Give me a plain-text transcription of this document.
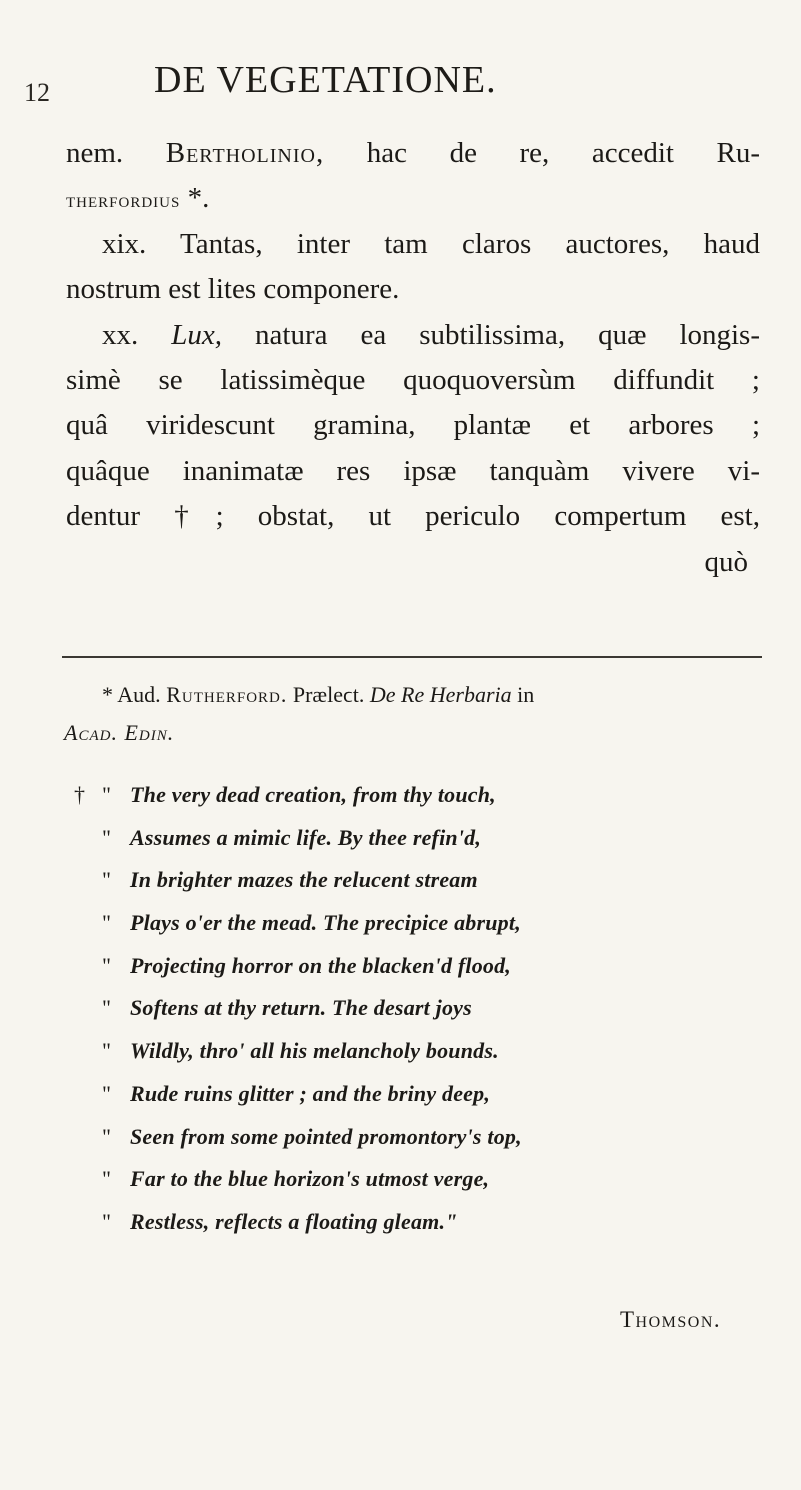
12	DE VEGETATIONE.
nem. Bertholinio, hac de re, accedit Ru-
therfordius *.
xix. Tantas, inter tam claros auctores, haud
nostrum est lites componere.
xx. Lux, natura ea subtilissima, quæ longis-
simè se latissimèque quoquoversùm diffundit ;
quâ viridescunt gramina, plantæ et arbores ;
quâque inanimatæ res ipsæ tanquàm vivere vi-
dentur †; obstat, ut periculo compertum est,
quò
* Aud. Rutherford. Præleϲt. De Re Herbaria in
Acad. Edin.
† " The very dead creation, from thy touch,
" Assumes a mimic life. By thee refin'd,
" In brighter mazes the relucent stream
" Plays o'er the mead. The precipice abrupt,
" Projecting horror on the blacken'd flood,
" Softens at thy return. The desart joys
" Wildly, thro' all his melancholy bounds.
" Rude ruins glitter ; and the briny deep,
" Seen from some pointed promontory's top,
" Far to the blue horizon's utmost verge,
" Restless, reflects a floating gleam."
Thomson.
